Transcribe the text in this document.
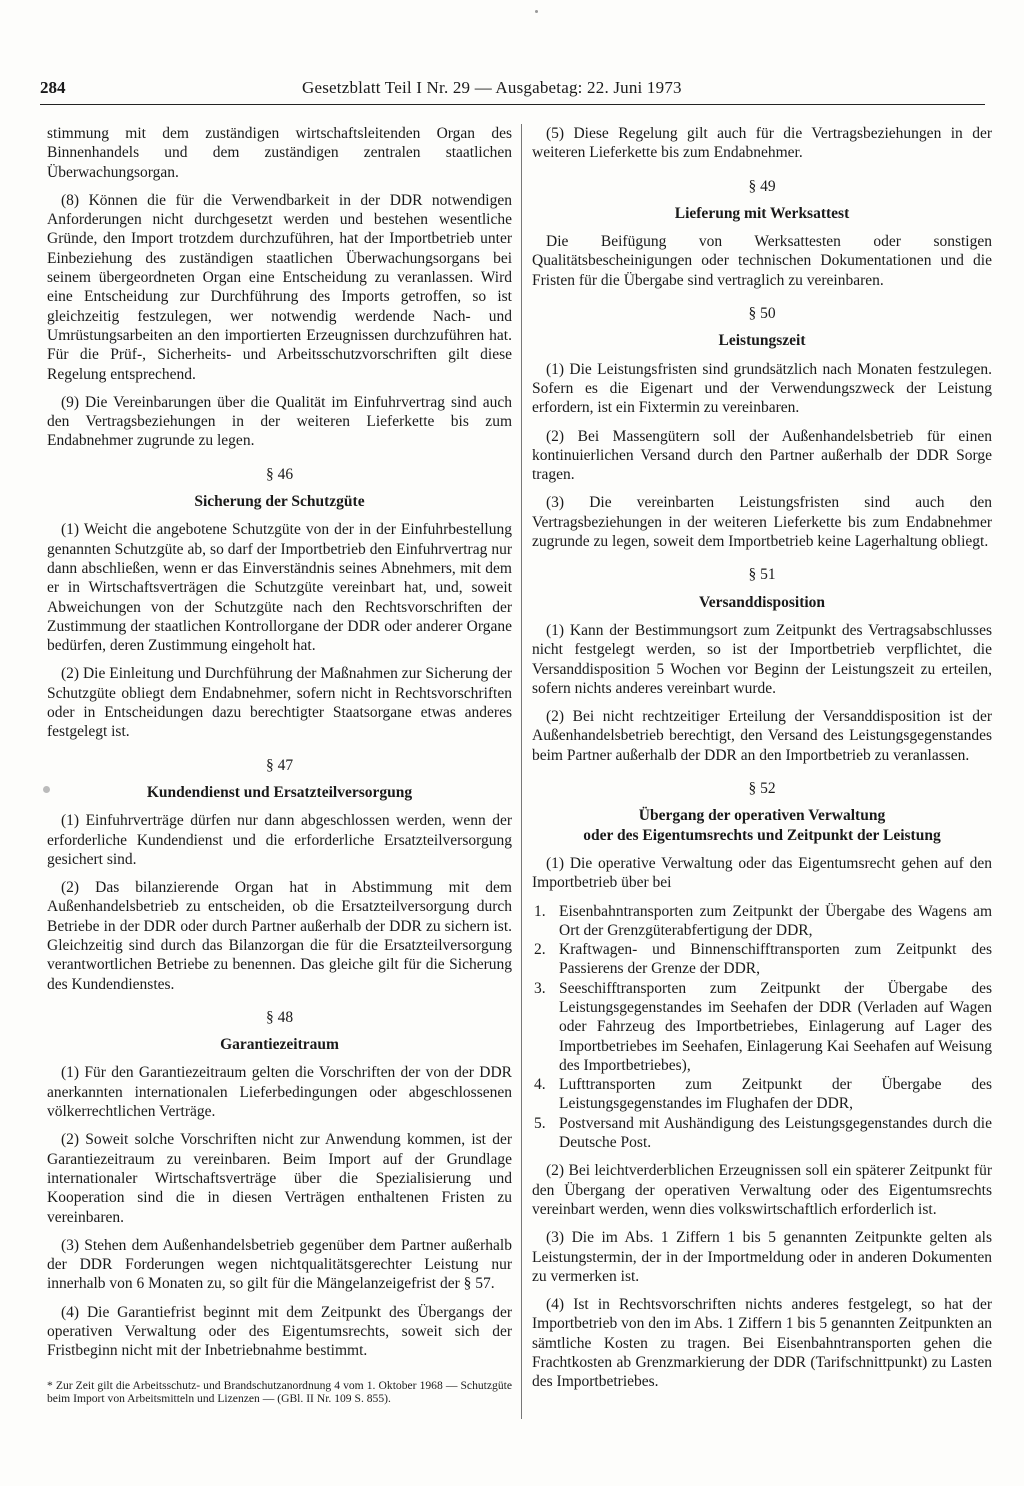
284	Gesetzblatt Teil I Nr. 29 — Ausgabetag: 22. Juni 1973

stimmung mit dem zuständigen wirtschaftsleitenden Organ des Binnenhandels und dem zuständigen zentralen staatlichen Überwachungsorgan.

(8) Können die für die Verwendbarkeit in der DDR notwendigen Anforderungen nicht durchgesetzt werden und bestehen wesentliche Gründe, den Import trotzdem durchzuführen, hat der Importbetrieb unter Einbeziehung des zuständigen staatlichen Überwachungsorgans bei seinem übergeordneten Organ eine Entscheidung zu veranlassen. Wird eine Entscheidung zur Durchführung des Imports getroffen, so ist gleichzeitig festzulegen, wer notwendig werdende Nach- und Umrüstungsarbeiten an den importierten Erzeugnissen durchzuführen hat. Für die Prüf-, Sicherheits- und Arbeitsschutzvorschriften gilt diese Regelung entsprechend.

(9) Die Vereinbarungen über die Qualität im Einfuhrvertrag sind auch den Vertragsbeziehungen in der weiteren Lieferkette bis zum Endabnehmer zugrunde zu legen.

§ 46
Sicherung der Schutzgüte

(1) Weicht die angebotene Schutzgüte von der in der Einfuhrbestellung genannten Schutzgüte ab, so darf der Importbetrieb den Einfuhrvertrag nur dann abschließen, wenn er das Einverständnis seines Abnehmers, mit dem er in Wirtschaftsverträgen die Schutzgüte vereinbart hat, und, soweit Abweichungen von der Schutzgüte nach den Rechtsvorschriften der Zustimmung der staatlichen Kontrollorgane der DDR oder anderer Organe bedürfen, deren Zustimmung eingeholt hat.

(2) Die Einleitung und Durchführung der Maßnahmen zur Sicherung der Schutzgüte obliegt dem Endabnehmer, sofern nicht in Rechtsvorschriften oder in Entscheidungen dazu berechtigter Staatsorgane etwas anderes festgelegt ist.

§ 47
Kundendienst und Ersatzteilversorgung

(1) Einfuhrverträge dürfen nur dann abgeschlossen werden, wenn der erforderliche Kundendienst und die erforderliche Ersatzteilversorgung gesichert sind.

(2) Das bilanzierende Organ hat in Abstimmung mit dem Außenhandelsbetrieb zu entscheiden, ob die Ersatzteilversorgung durch Betriebe in der DDR oder durch Partner außerhalb der DDR zu sichern ist. Gleichzeitig sind durch das Bilanzorgan die für die Ersatzteilversorgung verantwortlichen Betriebe zu benennen. Das gleiche gilt für die Sicherung des Kundendienstes.

§ 48
Garantiezeitraum

(1) Für den Garantiezeitraum gelten die Vorschriften der von der DDR anerkannten internationalen Lieferbedingungen oder abgeschlossenen völkerrechtlichen Verträge.

(2) Soweit solche Vorschriften nicht zur Anwendung kommen, ist der Garantiezeitraum zu vereinbaren. Beim Import auf der Grundlage internationaler Wirtschaftsverträge über die Spezialisierung und Kooperation sind die in diesen Verträgen enthaltenen Fristen zu vereinbaren.

(3) Stehen dem Außenhandelsbetrieb gegenüber dem Partner außerhalb der DDR Forderungen wegen nichtqualitätsgerechter Leistung nur innerhalb von 6 Monaten zu, so gilt für die Mängelanzeigefrist der § 57.

(4) Die Garantiefrist beginnt mit dem Zeitpunkt des Übergangs der operativen Verwaltung oder des Eigentumsrechts, soweit sich der Fristbeginn nicht mit der Inbetriebnahme bestimmt.

* Zur Zeit gilt die Arbeitsschutz- und Brandschutzanordnung 4 vom 1. Oktober 1968 — Schutzgüte beim Import von Arbeitsmitteln und Lizenzen — (GBl. II Nr. 109 S. 855).

(5) Diese Regelung gilt auch für die Vertragsbeziehungen in der weiteren Lieferkette bis zum Endabnehmer.

§ 49
Lieferung mit Werksattest

Die Beifügung von Werksattesten oder sonstigen Qualitätsbescheinigungen oder technischen Dokumentationen und die Fristen für die Übergabe sind vertraglich zu vereinbaren.

§ 50
Leistungszeit

(1) Die Leistungsfristen sind grundsätzlich nach Monaten festzulegen. Sofern es die Eigenart und der Verwendungszweck der Leistung erfordern, ist ein Fixtermin zu vereinbaren.

(2) Bei Massengütern soll der Außenhandelsbetrieb für einen kontinuierlichen Versand durch den Partner außerhalb der DDR Sorge tragen.

(3) Die vereinbarten Leistungsfristen sind auch den Vertragsbeziehungen in der weiteren Lieferkette bis zum Endabnehmer zugrunde zu legen, soweit dem Importbetrieb keine Lagerhaltung obliegt.

§ 51
Versanddisposition

(1) Kann der Bestimmungsort zum Zeitpunkt des Vertragsabschlusses nicht festgelegt werden, so ist der Importbetrieb verpflichtet, die Versanddisposition 5 Wochen vor Beginn der Leistungszeit zu erteilen, sofern nichts anderes vereinbart wurde.

(2) Bei nicht rechtzeitiger Erteilung der Versanddisposition ist der Außenhandelsbetrieb berechtigt, den Versand des Leistungsgegenstandes beim Partner außerhalb der DDR an den Importbetrieb zu veranlassen.

§ 52
Übergang der operativen Verwaltung
oder des Eigentumsrechts und Zeitpunkt der Leistung

(1) Die operative Verwaltung oder das Eigentumsrecht gehen auf den Importbetrieb über bei

1. Eisenbahntransporten zum Zeitpunkt der Übergabe des Wagens am Ort der Grenzgüterabfertigung der DDR,
2. Kraftwagen- und Binnenschifftransporten zum Zeitpunkt des Passierens der Grenze der DDR,
3. Seeschifftransporten zum Zeitpunkt der Übergabe des Leistungsgegenstandes im Seehafen der DDR (Verladen auf Wagen oder Fahrzeug des Importbetriebes, Einlagerung auf Lager des Importbetriebes im Seehafen, Einlagerung Kai Seehafen auf Weisung des Importbetriebes),
4. Lufttransporten zum Zeitpunkt der Übergabe des Leistungsgegenstandes im Flughafen der DDR,
5. Postversand mit Aushändigung des Leistungsgegenstandes durch die Deutsche Post.

(2) Bei leichtverderblichen Erzeugnissen soll ein späterer Zeitpunkt für den Übergang der operativen Verwaltung oder des Eigentumsrechts vereinbart werden, wenn dies volkswirtschaftlich erforderlich ist.

(3) Die im Abs. 1 Ziffern 1 bis 5 genannten Zeitpunkte gelten als Leistungstermin, der in der Importmeldung oder in anderen Dokumenten zu vermerken ist.

(4) Ist in Rechtsvorschriften nichts anderes festgelegt, so hat der Importbetrieb von den im Abs. 1 Ziffern 1 bis 5 genannten Zeitpunkten an sämtliche Kosten zu tragen. Bei Eisenbahntransporten gehen die Frachtkosten ab Grenzmarkierung der DDR (Tarifschnittpunkt) zu Lasten des Importbetriebes.
